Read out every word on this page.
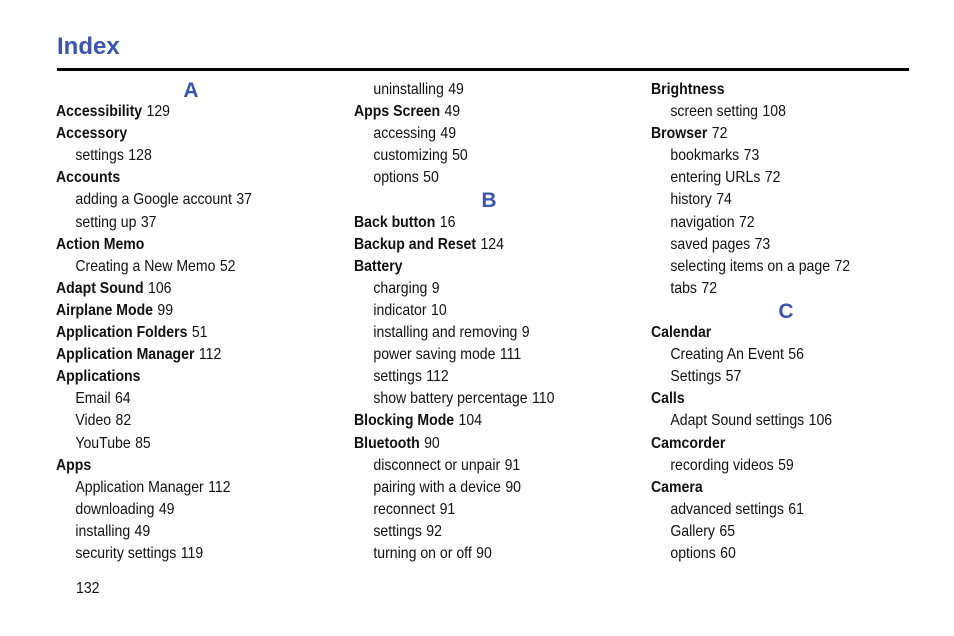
Index
A
Accessibility 129
Accessory
settings 128
Accounts
adding a Google account 37
setting up 37
Action Memo
Creating a New Memo 52
Adapt Sound 106
Airplane Mode 99
Application Folders 51
Application Manager 112
Applications
Email 64
Video 82
YouTube 85
Apps
Application Manager 112
downloading 49
installing 49
security settings 119
uninstalling 49
Apps Screen 49
accessing 49
customizing 50
options 50
B
Back button 16
Backup and Reset 124
Battery
charging 9
indicator 10
installing and removing 9
power saving mode 111
settings 112
show battery percentage 110
Blocking Mode 104
Bluetooth 90
disconnect or unpair 91
pairing with a device 90
reconnect 91
settings 92
turning on or off 90
Brightness
screen setting 108
Browser 72
bookmarks 73
entering URLs 72
history 74
navigation 72
saved pages 73
selecting items on a page 72
tabs 72
C
Calendar
Creating An Event 56
Settings 57
Calls
Adapt Sound settings 106
Camcorder
recording videos 59
Camera
advanced settings 61
Gallery 65
options 60
132
